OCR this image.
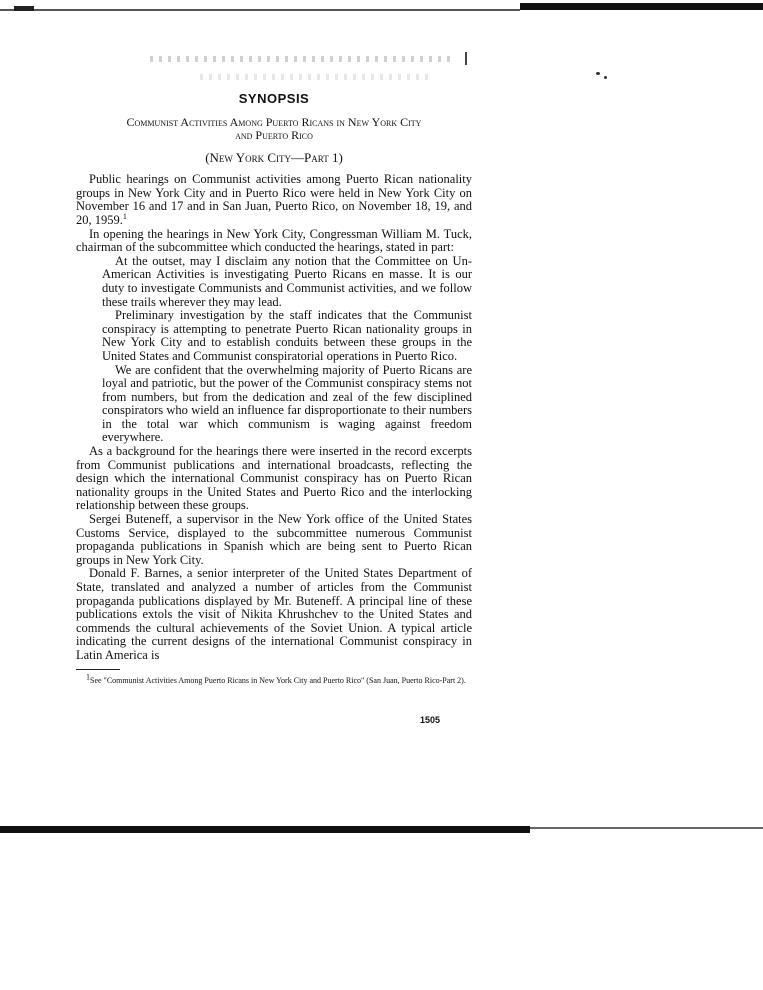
SYNOPSIS
Communist Activities Among Puerto Ricans in New York City
and Puerto Rico
(New York City—Part 1)

Public hearings on Communist activities among Puerto Rican nationality groups in New York City and in Puerto Rico were held in New York City on November 16 and 17 and in San Juan, Puerto Rico, on November 18, 19, and 20, 1959.$^1$

In opening the hearings in New York City, Congressman William M. Tuck, chairman of the subcommittee which conducted the hearings, stated in part:

At the outset, may I disclaim any notion that the Committee on Un-American Activities is investigating Puerto Ricans en masse. It is our duty to investigate Communists and Communist activities, and we follow these trails wherever they may lead.

Preliminary investigation by the staff indicates that the Communist conspiracy is attempting to penetrate Puerto Rican nationality groups in New York City and to establish conduits between these groups in the United States and Communist conspiratorial operations in Puerto Rico.

We are confident that the overwhelming majority of Puerto Ricans are loyal and patriotic, but the power of the Communist conspiracy stems not from numbers, but from the dedication and zeal of the few disciplined conspirators who wield an influence far disproportionate to their numbers in the total war which communism is waging against freedom everywhere.

As a background for the hearings there were inserted in the record excerpts from Communist publications and international broadcasts, reflecting the design which the international Communist conspiracy has on Puerto Rican nationality groups in the United States and Puerto Rico and the interlocking relationship between these groups.

Sergei Buteneff, a supervisor in the New York office of the United States Customs Service, displayed to the subcommittee numerous Communist propaganda publications in Spanish which are being sent to Puerto Rican groups in New York City.

Donald F. Barnes, a senior interpreter of the United States Department of State, translated and analyzed a number of articles from the Communist propaganda publications displayed by Mr. Buteneff. A principal line of these publications extols the visit of Nikita Khrushchev to the United States and commends the cultural achievements of the Soviet Union. A typical article indicating the current designs of the international Communist conspiracy in Latin America is

$^1$See "Communist Activities Among Puerto Ricans in New York City and Puerto Rico" (San Juan, Puerto Rico-Part 2).

1505
